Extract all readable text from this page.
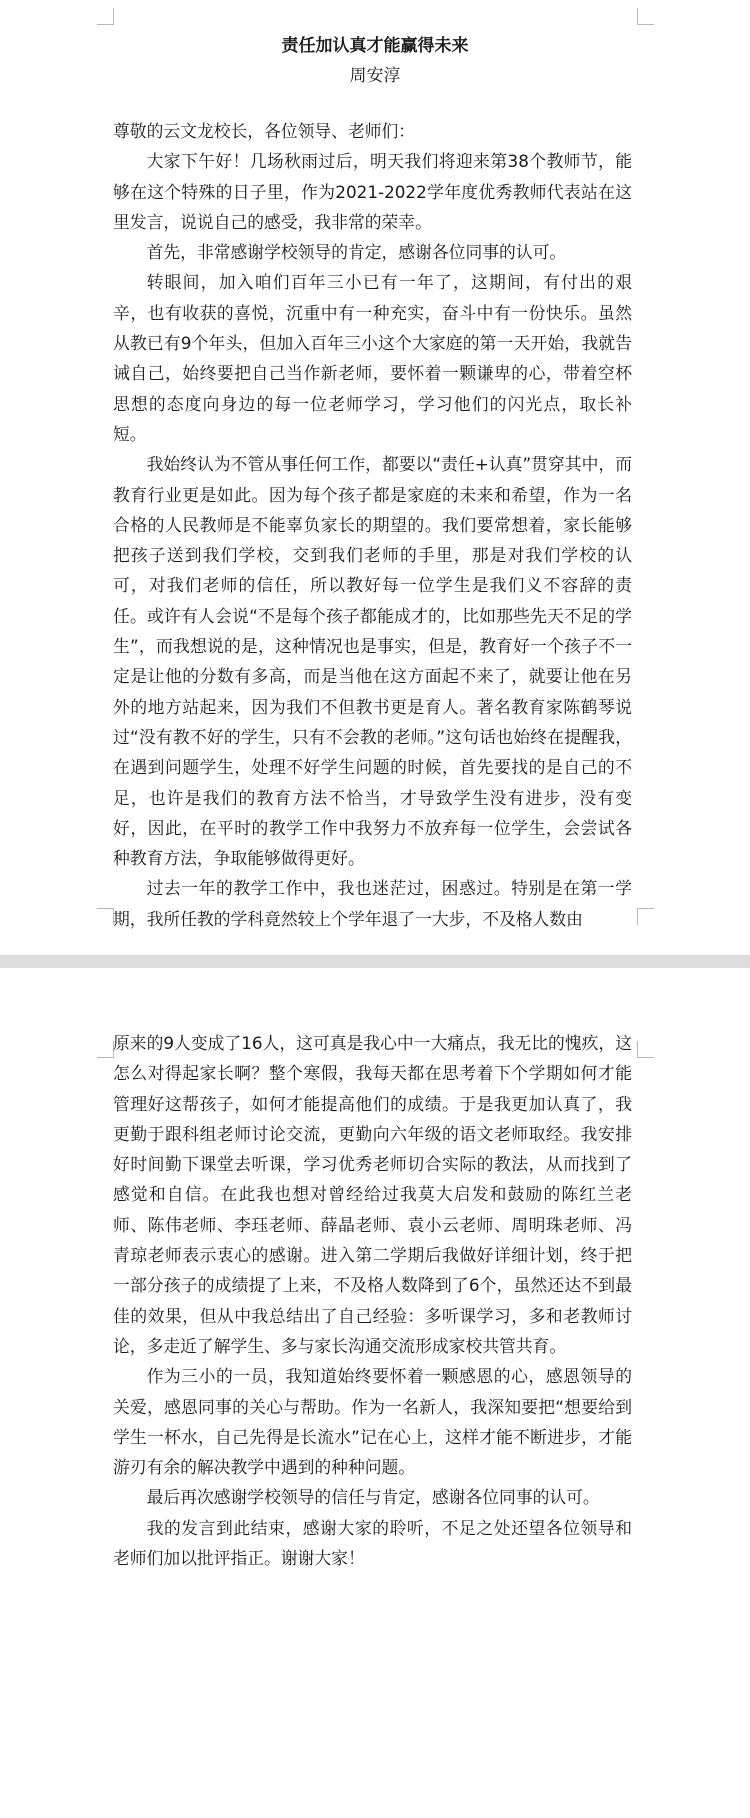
责任加认真才能赢得未来
周安淳

尊敬的云文龙校长，各位领导、老师们：

大家下午好！几场秋雨过后，明天我们将迎来第38个教师节，能够在这个特殊的日子里，作为2021-2022学年度优秀教师代表站在这里发言，说说自己的感受，我非常的荣幸。

首先，非常感谢学校领导的肯定，感谢各位同事的认可。

转眼间，加入咱们百年三小已有一年了，这期间，有付出的艰辛，也有收获的喜悦，沉重中有一种充实，奋斗中有一份快乐。虽然从教已有9个年头，但加入百年三小这个大家庭的第一天开始，我就告诫自己，始终要把自己当作新老师，要怀着一颗谦卑的心，带着空杯思想的态度向身边的每一位老师学习，学习他们的闪光点，取长补短。

我始终认为不管从事任何工作，都要以“责任+认真”贯穿其中，而教育行业更是如此。因为每个孩子都是家庭的未来和希望，作为一名合格的人民教师是不能辜负家长的期望的。我们要常想着，家长能够把孩子送到我们学校，交到我们老师的手里，那是对我们学校的认可，对我们老师的信任，所以教好每一位学生是我们义不容辞的责任。或许有人会说“不是每个孩子都能成才的，比如那些先天不足的学生”，而我想说的是，这种情况也是事实，但是，教育好一个孩子不一定是让他的分数有多高，而是当他在这方面起不来了，就要让他在另外的地方站起来，因为我们不但教书更是育人。著名教育家陈鹤琴说过“没有教不好的学生，只有不会教的老师。”这句话也始终在提醒我，在遇到问题学生，处理不好学生问题的时候，首先要找的是自己的不足，也许是我们的教育方法不恰当，才导致学生没有进步，没有变好，因此，在平时的教学工作中我努力不放弃每一位学生，会尝试各种教育方法，争取能够做得更好。

过去一年的教学工作中，我也迷茫过，困惑过。特别是在第一学期，我所任教的学科竟然较上个学年退了一大步，不及格人数由

原来的9人变成了16人，这可真是我心中一大痛点，我无比的愧疚，这怎么对得起家长啊？整个寒假，我每天都在思考着下个学期如何才能管理好这帮孩子，如何才能提高他们的成绩。于是我更加认真了，我更勤于跟科组老师讨论交流，更勤向六年级的语文老师取经。我安排好时间勤下课堂去听课，学习优秀老师切合实际的教法，从而找到了感觉和自信。在此我也想对曾经给过我莫大启发和鼓励的陈红兰老师、陈伟老师、李珏老师、薛晶老师、袁小云老师、周明珠老师、冯青琼老师表示衷心的感谢。进入第二学期后我做好详细计划，终于把一部分孩子的成绩提了上来，不及格人数降到了6个，虽然还达不到最佳的效果，但从中我总结出了自己经验：多听课学习，多和老教师讨论，多走近了解学生、多与家长沟通交流形成家校共管共育。

作为三小的一员，我知道始终要怀着一颗感恩的心，感恩领导的关爱，感恩同事的关心与帮助。作为一名新人，我深知要把“想要给到学生一杯水，自己先得是长流水”记在心上，这样才能不断进步，才能游刃有余的解决教学中遇到的种种问题。

最后再次感谢学校领导的信任与肯定，感谢各位同事的认可。

我的发言到此结束，感谢大家的聆听，不足之处还望各位领导和老师们加以批评指正。谢谢大家！
